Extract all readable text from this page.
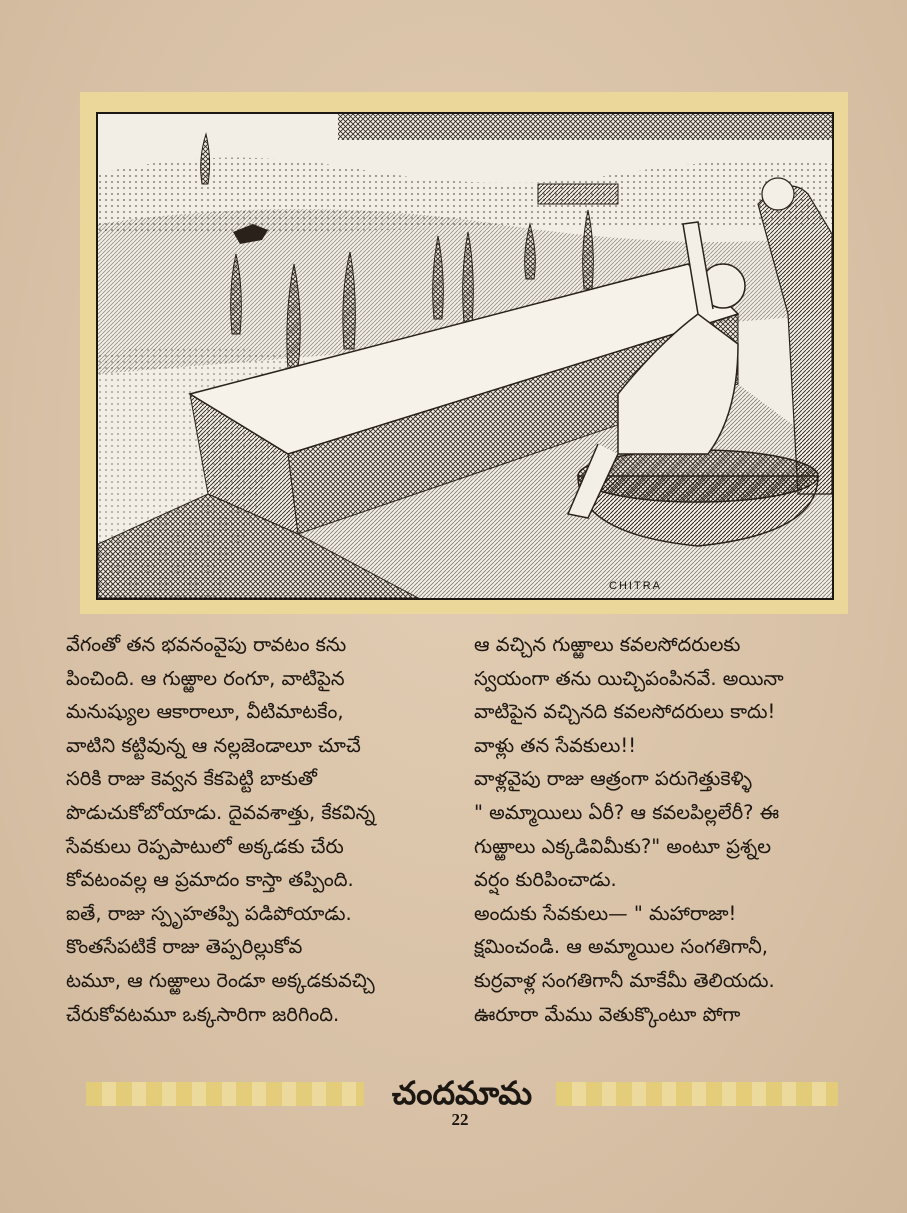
CHITRA

వేగంతో తన భవనంవైపు రావటం కను
పించింది. ఆ గుఱ్ఱాల రంగూ, వాటిపైన
మనుష్యుల ఆకారాలూ, వీటిమాటకేం,
వాటిని కట్టివున్న ఆ నల్లజెండాలూ చూచే
సరికి రాజు కెవ్వన కేకపెట్టి బాకుతో
పొడుచుకోబోయాడు. దైవవశాత్తు, కేకవిన్న
సేవకులు రెప్పపాటులో అక్కడకు చేరు
కోవటంవల్ల ఆ ప్రమాదం కాస్తా తప్పింది.
ఐతే, రాజు స్పృహతప్పి పడిపోయాడు.

కొంతసేపటికే రాజు తెప్పరిల్లుకోవ
టమూ, ఆ గుఱ్ఱాలు రెండూ అక్కడకువచ్చి
చేరుకోవటమూ ఒక్కసారిగా జరిగింది.

ఆ వచ్చిన గుఱ్ఱాలు కవలసోదరులకు
స్వయంగా తను యిచ్చిపంపినవే. అయినా
వాటిపైన వచ్చినది కవలసోదరులు కాదు!
వాళ్లు తన సేవకులు!!

వాళ్లవైపు రాజు ఆత్రంగా పరుగెత్తుకెళ్ళి
" అమ్మాయిలు ఏరీ? ఆ కవలపిల్లలేరీ? ఈ
గుఱ్ఱాలు ఎక్కడివిమీకు?" అంటూ ప్రశ్నల
వర్షం కురిపించాడు.

అందుకు సేవకులు— " మహారాజా!
క్షమించండి. ఆ అమ్మాయిల సంగతిగానీ,
కుర్రవాళ్ల సంగతిగానీ మాకేమీ తెలియదు.
ఊరూరా మేము వెతుక్కొంటూ పోగా

చందమామ
22
